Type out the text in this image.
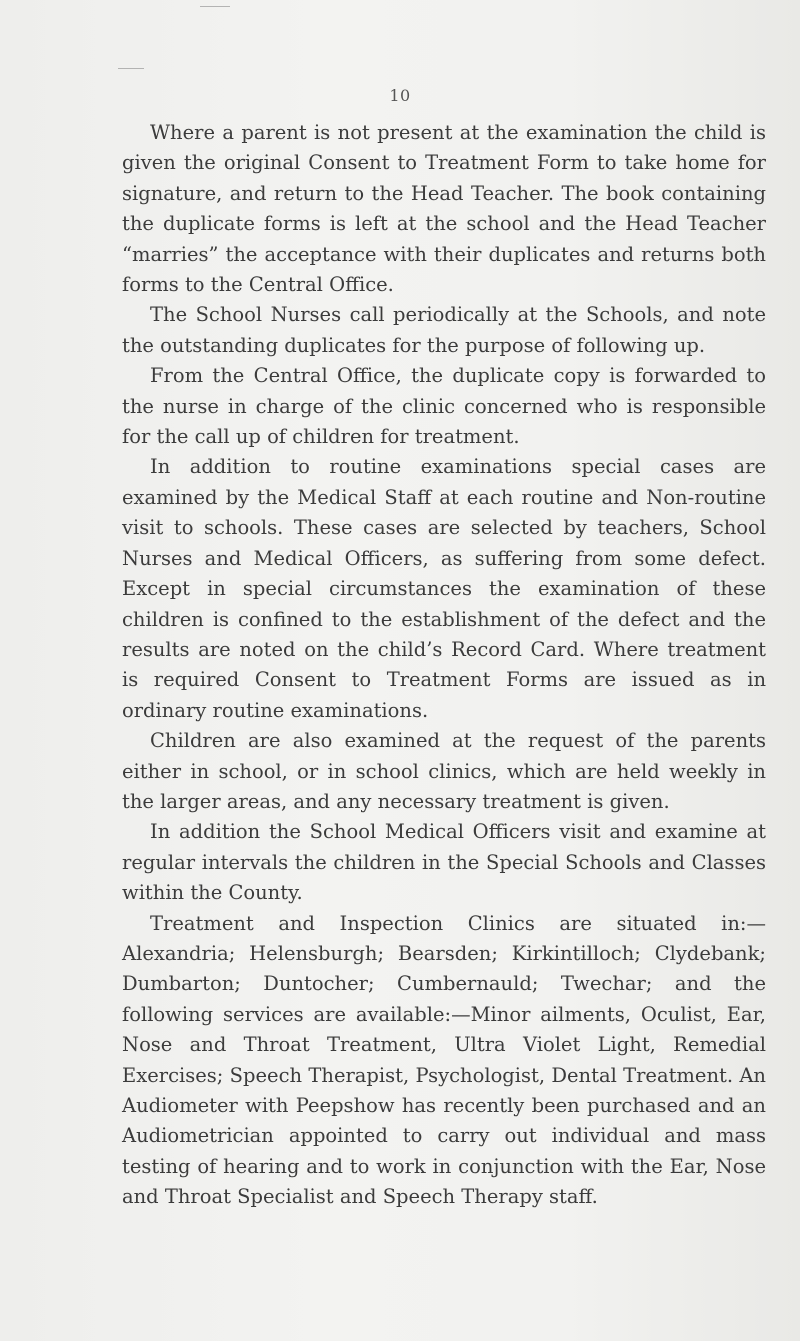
10

Where a parent is not present at the examination the child is given the original Consent to Treatment Form to take home for signature, and return to the Head Teacher. The book containing the duplicate forms is left at the school and the Head Teacher “marries” the acceptance with their duplicates and returns both forms to the Central Office.

The School Nurses call periodically at the Schools, and note the outstanding duplicates for the purpose of following up.

From the Central Office, the duplicate copy is forwarded to the nurse in charge of the clinic concerned who is responsible for the call up of children for treatment.

In addition to routine examinations special cases are examined by the Medical Staff at each routine and Non-routine visit to schools. These cases are selected by teachers, School Nurses and Medical Officers, as suffering from some defect. Except in special circumstances the examination of these children is confined to the establishment of the defect and the results are noted on the child’s Record Card. Where treatment is required Consent to Treatment Forms are issued as in ordinary routine examinations.

Children are also examined at the request of the parents either in school, or in school clinics, which are held weekly in the larger areas, and any necessary treatment is given.

In addition the School Medical Officers visit and examine at regular intervals the children in the Special Schools and Classes within the County.

Treatment and Inspection Clinics are situated in:— Alexandria; Helensburgh; Bearsden; Kirkintilloch; Clydebank; Dumbarton; Duntocher; Cumbernauld; Twechar; and the following services are available:—Minor ailments, Oculist, Ear, Nose and Throat Treatment, Ultra Violet Light, Remedial Exercises; Speech Therapist, Psychologist, Dental Treatment. An Audiometer with Peepshow has recently been purchased and an Audiometrician appointed to carry out individual and mass testing of hearing and to work in conjunction with the Ear, Nose and Throat Specialist and Speech Therapy staff.
